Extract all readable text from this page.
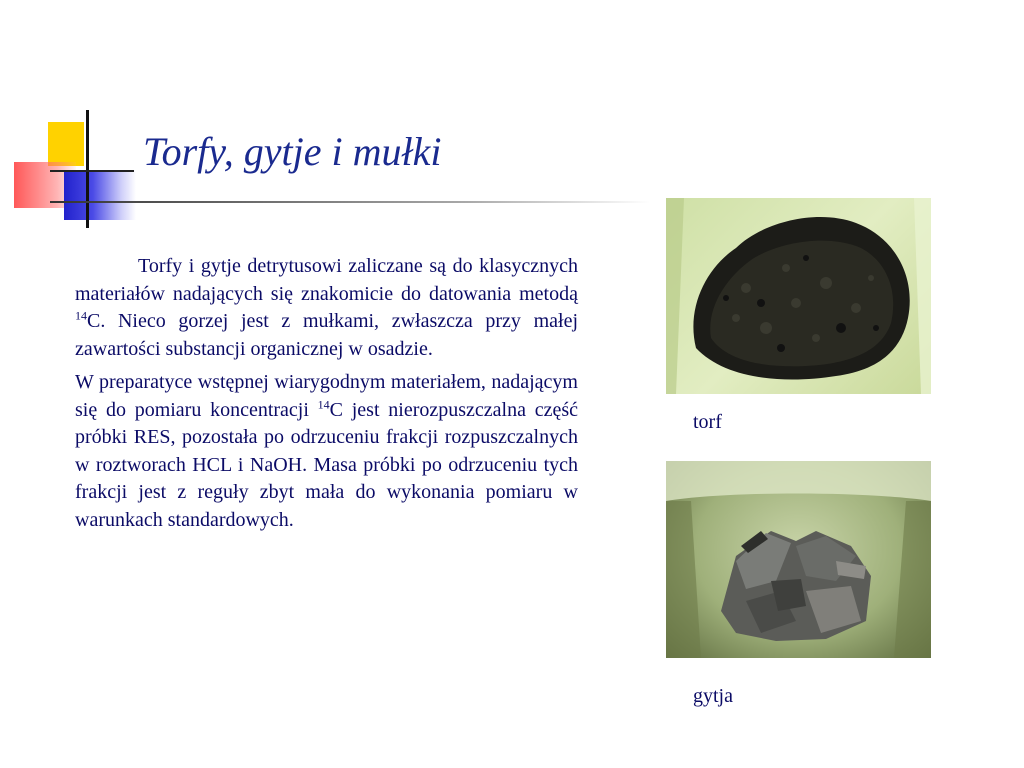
Torfy, gytje i mułki

Torfy i gytje detrytusowi zaliczane są do klasycznych materiałów nadających się znakomicie do datowania metodą $^{14}$C. Nieco gorzej jest z mułkami, zwłaszcza przy małej zawartości substancji organicznej w osadzie.

W preparatyce wstępnej wiarygodnym materiałem, nadającym się do pomiaru koncentracji $^{14}$C jest nierozpuszczalna część próbki RES, pozostała po odrzuceniu frakcji rozpuszczalnych w roztworach HCL i NaOH. Masa próbki po odrzuceniu tych frakcji jest z reguły zbyt mała do wykonania pomiaru w warunkach standardowych.

torf
gytja
